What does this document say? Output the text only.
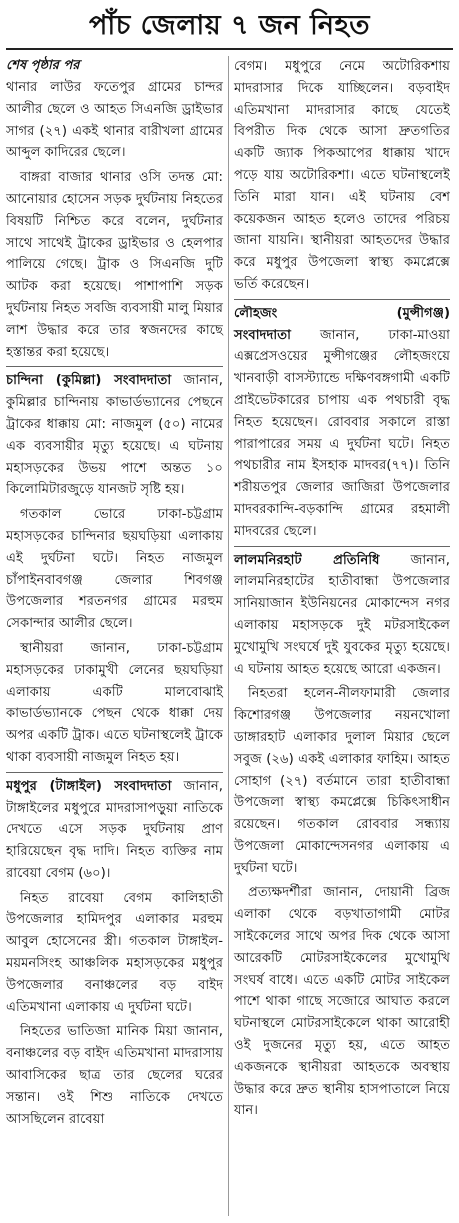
পাঁচ জেলায় ৭ জন নিহত
শেষ পৃষ্ঠার পর

থানার লাউর ফতেপুর গ্রামের চান্দর আলীর ছেলে ও আহত সিএনজি ড্রাইভার সাগর (২৭) একই থানার বারীখলা গ্রামের আব্দুল কাদিরের ছেলে।

বাঙ্গরা বাজার থানার ওসি তদন্ত মো: আনোয়ার হোসেন সড়ক দুর্ঘটনায় নিহতের বিষয়টি নিশ্চিত করে বলেন, দুর্ঘটনার সাথে সাথেই ট্রাকের ড্রাইভার ও হেলপার পালিয়ে গেছে। ট্রাক ও সিএনজি দুটি আটক করা হয়েছে। পাশাপাশি সড়ক দুর্ঘটনায় নিহত সবজি ব্যবসায়ী মালু মিয়ার লাশ উদ্ধার করে তার স্বজনদের কাছে হস্তান্তর করা হয়েছে।

চান্দিনা (কুমিল্লা) সংবাদদাতা জানান, কুমিল্লার চান্দিনায় কাভার্ডভ্যানের পেছনে ট্রাকের ধাক্কায় মো: নাজমুল (৫০) নামের এক ব্যবসায়ীর মৃত্যু হয়েছে। এ ঘটনায় মহাসড়কের উভয় পাশে অন্তত ১০ কিলোমিটারজুড়ে যানজট সৃষ্টি হয়।

গতকাল ভোরে ঢাকা-চট্টগ্রাম মহাসড়কের চান্দিনার ছয়ঘড়িয়া এলাকায় এই দুর্ঘটনা ঘটে। নিহত নাজমুল চাঁপাইনবাবগঞ্জ জেলার শিবগঞ্জ উপজেলার শরতনগর গ্রামের মরহুম সেকান্দার আলীর ছেলে।

স্থানীয়রা জানান, ঢাকা-চট্টগ্রাম মহাসড়কের ঢাকামুখী লেনের ছয়ঘড়িয়া এলাকায় একটি মালবোঝাই কাভার্ডভ্যানকে পেছন থেকে ধাক্কা দেয় অপর একটি ট্রাক। এতে ঘটনাস্থলেই ট্রাকে থাকা ব্যবসায়ী নাজমুল নিহত হয়।

মধুপুর (টাঙ্গাইল) সংবাদদাতা জানান, টাঙ্গাইলের মধুপুরে মাদরাসাপড়ুয়া নাতিকে দেখতে এসে সড়ক দুর্ঘটনায় প্রাণ হারিয়েছেন বৃদ্ধ দাদি। নিহত ব্যক্তির নাম রাবেয়া বেগম (৬০)।

নিহত রাবেয়া বেগম কালিহাতী উপজেলার হামিদপুর এলাকার মরহুম আবুল হোসেনের স্ত্রী। গতকাল টাঙ্গাইল-ময়মনসিংহ আঞ্চলিক মহাসড়কের মধুপুর উপজেলার বনাঞ্চলের বড় বাইদ এতিমখানা এলাকায় এ দুর্ঘটনা ঘটে।

নিহতের ভাতিজা মানিক মিয়া জানান, বনাঞ্চলের বড় বাইদ এতিমখানা মাদরাসায় আবাসিকের ছাত্র তার ছেলের ঘরের সন্তান। ওই শিশু নাতিকে দেখতে আসছিলেন রাবেয়া

বেগম। মধুপুরে নেমে অটোরিকশায় মাদরাসার দিকে যাচ্ছিলেন। বড়বাইদ এতিমখানা মাদরাসার কাছে যেতেই বিপরীত দিক থেকে আসা দ্রুতগতির একটি জ্যাক পিকআপের ধাক্কায় খাদে পড়ে যায় অটোরিকশা। এতে ঘটনাস্থলেই তিনি মারা যান। এই ঘটনায় বেশ কয়েকজন আহত হলেও তাদের পরিচয় জানা যায়নি। স্থানীয়রা আহতদের উদ্ধার করে মধুপুর উপজেলা স্বাস্থ্য কমপ্লেক্সে ভর্তি করেছেন।

লৌহজং	(মুন্সীগঞ্জ)

সংবাদদাতা জানান, ঢাকা-মাওয়া এক্সপ্রেসওয়ের মুন্সীগঞ্জের লৌহজংয়ে খানবাড়ী বাসস্ট্যান্ডে দক্ষিণবঙ্গগামী একটি প্রাইভেটকারের চাপায় এক পথচারী বৃদ্ধ নিহত হয়েছেন। রোববার সকালে রাস্তা পারাপারের সময় এ দুর্ঘটনা ঘটে। নিহত পথচারীর নাম ইসহাক মাদবর(৭৭)। তিনি শরীয়তপুর জেলার জাজিরা উপজেলার মাদবরকান্দি-বড়কান্দি গ্রামের রহমালী মাদবরের ছেলে।

লালমনিরহাট প্রতিনিধি জানান, লালমনিরহাটের হাতীবান্ধা উপজেলার সানিয়াজান ইউনিয়নের মোকান্দেস নগর এলাকায় মহাসড়কে দুই মটরসাইকেল মুখোমুখি সংঘর্ষে দুই যুবকের মৃত্যু হয়েছে। এ ঘটনায় আহত হয়েছে আরো একজন।

নিহতরা হলেন-নীলফামারী জেলার কিশোরগঞ্জ উপজেলার নয়নখোলা ডাঙ্গারহাট এলাকার দুলাল মিয়ার ছেলে সবুজ (২৬) একই এলাকার ফাহিম। আহত সোহাগ (২৭) বর্তমানে তারা হাতীবান্ধা উপজেলা স্বাস্থ্য কমপ্লেক্সে চিকিৎসাধীন রয়েছেন। গতকাল রোববার সন্ধ্যায় উপজেলা মোকান্দেসনগর এলাকায় এ দুর্ঘটনা ঘটে।

প্রত্যক্ষদর্শীরা জানান, দোয়ানী ব্রিজ এলাকা থেকে বড়খাতাগামী মোটর সাইকেলের সাথে অপর দিক থেকে আসা আরেকটি মোটরসাইকেলের মুখোমুখি সংঘর্ষ বাধে। এতে একটি মোটর সাইকেল পাশে থাকা গাছে সজোরে আঘাত করলে ঘটনাস্থলে মোটরসাইকেলে থাকা আরোহী ওই দুজনের মৃত্যু হয়, এতে আহত একজনকে স্থানীয়রা আহতকে অবস্থায় উদ্ধার করে দ্রুত স্থানীয় হাসপাতালে নিয়ে যান।
